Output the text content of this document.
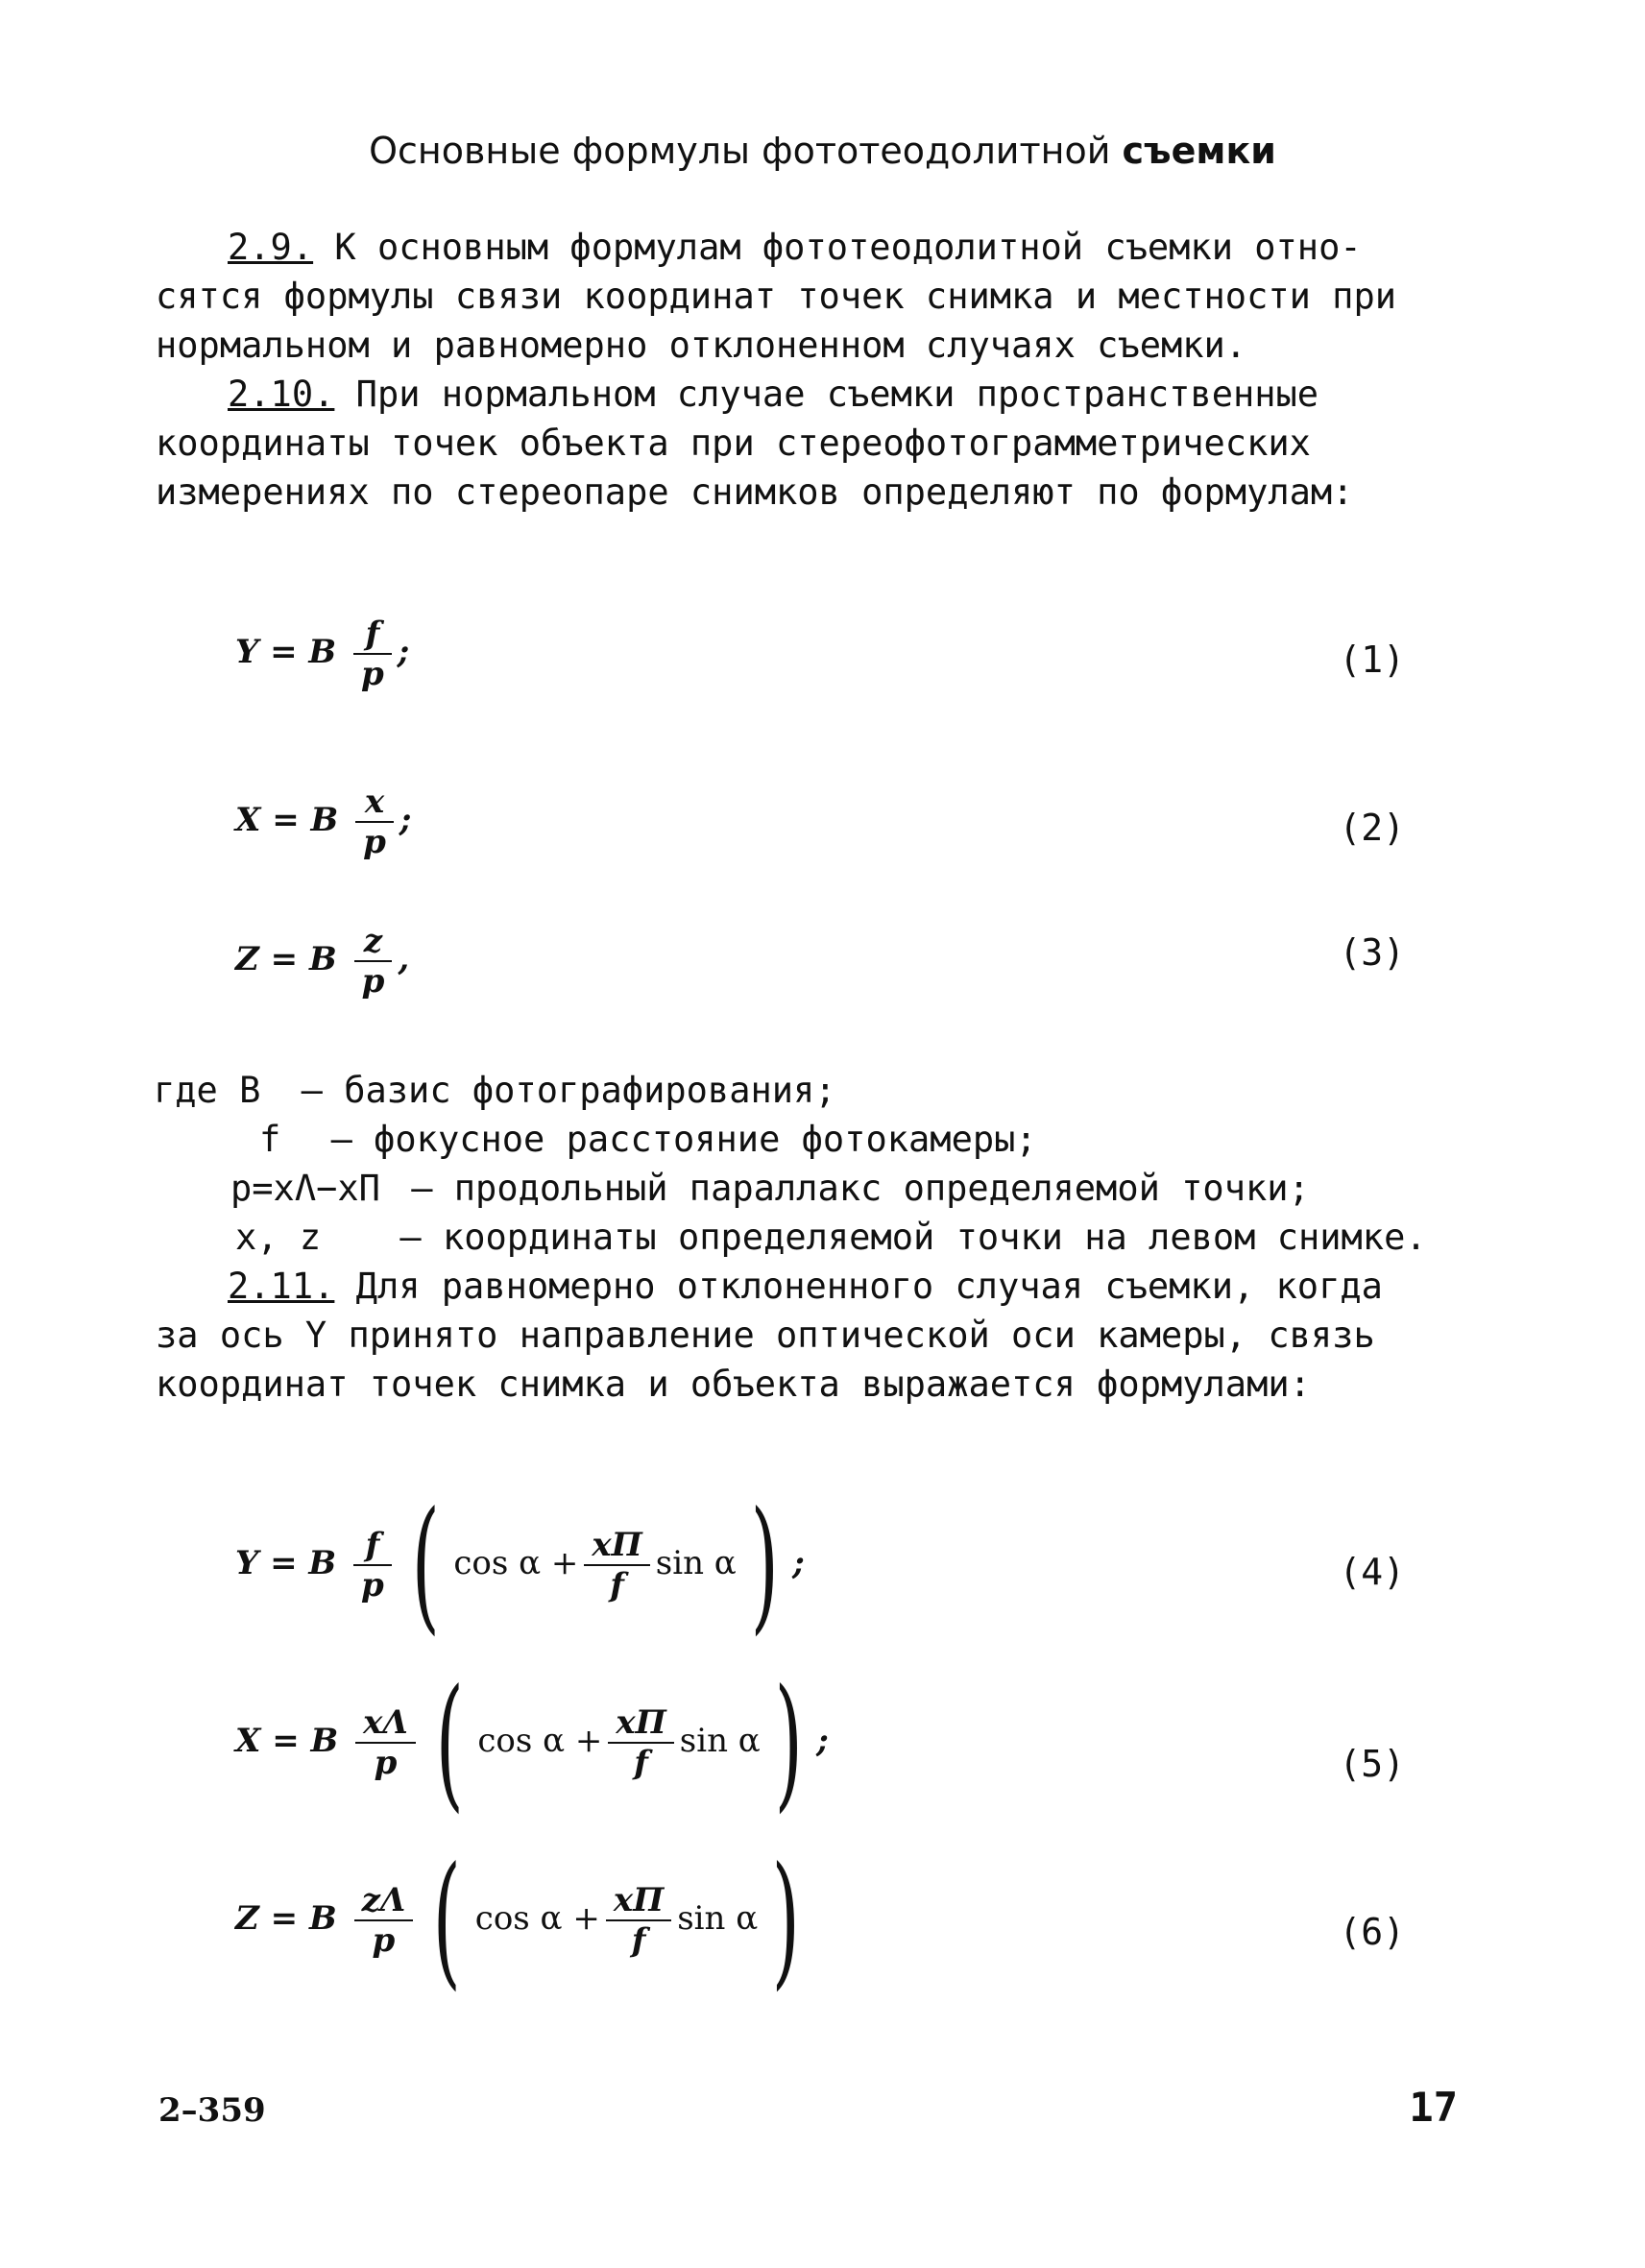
Основные формулы фототеодолитной съемки
2.9. К основным формулам фототеодолитной съемки отно-
сятся формулы связи координат точек снимка и местности при
нормальном и равномерно отклоненном случаях съемки.
2.10. При нормальном случае съемки пространственные
координаты точек объекта при стереофотограмметрических
измерениях по стереопаре снимков определяют по формулам:
Y = B $\frac{f}{p}$ ;	(1)
X = B $\frac{x}{p}$ ;	(2)
Z = B $\frac{z}{p}$ ,	(3)
где B – базис фотографирования;
f – фокусное расстояние фотокамеры;
p=xΛ−xП – продольный параллакс определяемой точки;
x, z – координаты определяемой точки на левом снимке.
2.11. Для равномерно отклоненного случая съемки, когда
за ось Y принято направление оптической оси камеры, связь
координат точек снимка и объекта выражается формулами:
Y = B $\frac{f}{p}$ ( $\cos \alpha + \frac{xП}{f}$ sin α) ;	(4)
X = B $\frac{x\Lambda}{p}$ ( $\cos \alpha + \frac{xП}{f}$ sin α) ;
(5)
Z = B $\frac{z\Lambda}{p}$ ( $\cos \alpha + \frac{xП}{f}$ sin α)	(6)
2–359	17
